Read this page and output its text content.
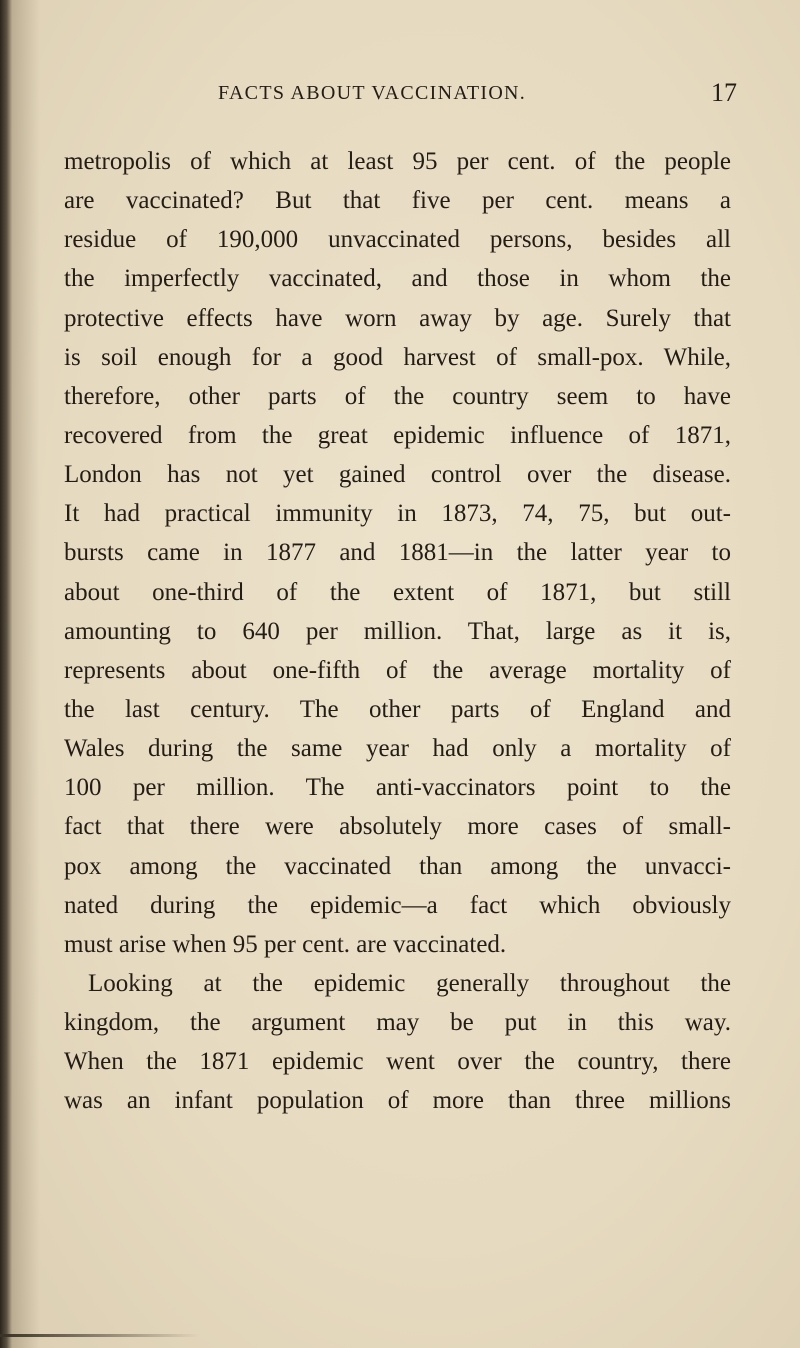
FACTS ABOUT VACCINATION.	17
metropolis of which at least 95 per cent. of the people
are vaccinated? But that five per cent. means a
residue of 190,000 unvaccinated persons, besides all
the imperfectly vaccinated, and those in whom the
protective effects have worn away by age. Surely that
is soil enough for a good harvest of small-pox. While,
therefore, other parts of the country seem to have
recovered from the great epidemic influence of 1871,
London has not yet gained control over the disease.
It had practical immunity in 1873, 74, 75, but out-
bursts came in 1877 and 1881—in the latter year to
about one-third of the extent of 1871, but still
amounting to 640 per million. That, large as it is,
represents about one-fifth of the average mortality of
the last century. The other parts of England and
Wales during the same year had only a mortality of
100 per million. The anti-vaccinators point to the
fact that there were absolutely more cases of small-
pox among the vaccinated than among the unvacci-
nated during the epidemic—a fact which obviously
must arise when 95 per cent. are vaccinated.
Looking at the epidemic generally throughout the
kingdom, the argument may be put in this way.
When the 1871 epidemic went over the country, there
was an infant population of more than three millions
